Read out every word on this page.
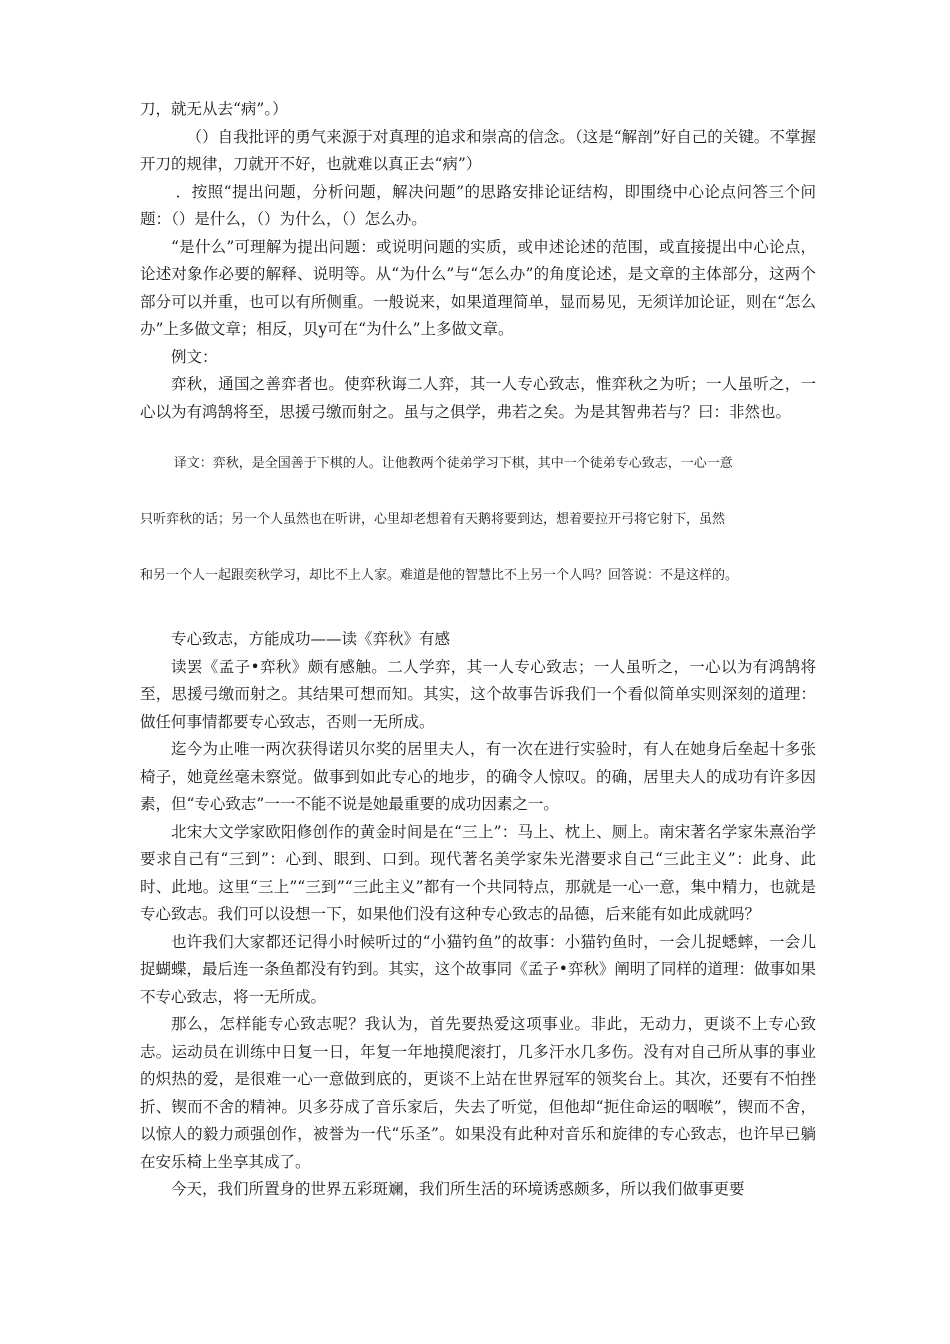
刀，就无从去“病”。）

（）自我批评的勇气来源于对真理的追求和崇高的信念。（这是“解剖”好自己的关键。不掌握开刀的规律，刀就开不好，也就难以真正去“病”）

．按照“提出问题，分析问题，解决问题”的思路安排论证结构，即围绕中心论点问答三个问题：（）是什么，（）为什么，（）怎么办。

“是什么”可理解为提出问题：或说明问题的实质，或申述论述的范围，或直接提出中心论点，论述对象作必要的解释、说明等。从“为什么”与“怎么办”的角度论述，是文章的主体部分，这两个部分可以并重，也可以有所侧重。一般说来，如果道理简单，显而易见，无须详加论证，则在“怎么办”上多做文章；相反，贝y可在“为什么”上多做文章。

例文：

弈秋，通国之善弈者也。使弈秋诲二人弈，其一人专心致志，惟弈秋之为听；一人虽听之，一心以为有鸿鹄将至，思援弓缴而射之。虽与之俱学，弗若之矣。为是其智弗若与？曰：非然也。

译文：弈秋，是全国善于下棋的人。让他教两个徒弟学习下棋，其中一个徒弟专心致志，一心一意
只听弈秋的话；另一个人虽然也在听讲，心里却老想着有天鹅将要到达，想着要拉开弓将它射下，虽然
和另一个人一起跟奕秋学习，却比不上人家。难道是他的智慧比不上另一个人吗？回答说：不是这样的。

专心致志，方能成功——读《弈秋》有感

读罢《孟子•弈秋》颇有感触。二人学弈，其一人专心致志；一人虽听之，一心以为有鸿鹄将至，思援弓缴而射之。其结果可想而知。其实，这个故事告诉我们一个看似简单实则深刻的道理：做任何事情都要专心致志，否则一无所成。

迄今为止唯一两次获得诺贝尔奖的居里夫人，有一次在进行实验时，有人在她身后垒起十多张椅子，她竟丝毫未察觉。做事到如此专心的地步，的确令人惊叹。的确，居里夫人的成功有许多因素，但“专心致志”一一不能不说是她最重要的成功因素之一。

北宋大文学家欧阳修创作的黄金时间是在“三上”：马上、枕上、厕上。南宋著名学家朱熹治学要求自己有“三到”：心到、眼到、口到。现代著名美学家朱光潜要求自己“三此主义”：此身、此时、此地。这里“三上”“三到”“三此主义”都有一个共同特点，那就是一心一意，集中精力，也就是专心致志。我们可以设想一下，如果他们没有这种专心致志的品德，后来能有如此成就吗？

也许我们大家都还记得小时候听过的“小猫钓鱼”的故事：小猫钓鱼时，一会儿捉蟋蟀，一会儿捉蝴蝶，最后连一条鱼都没有钓到。其实，这个故事同《孟子•弈秋》阐明了同样的道理：做事如果不专心致志，将一无所成。

那么，怎样能专心致志呢？我认为，首先要热爱这项事业。非此，无动力，更谈不上专心致志。运动员在训练中日复一日，年复一年地摸爬滚打，几多汗水几多伤。没有对自己所从事的事业的炽热的爱，是很难一心一意做到底的，更谈不上站在世界冠军的领奖台上。其次，还要有不怕挫折、锲而不舍的精神。贝多芬成了音乐家后，失去了听觉，但他却“扼住命运的咽喉”，锲而不舍，以惊人的毅力顽强创作，被誉为一代“乐圣”。如果没有此种对音乐和旋律的专心致志，也许早已躺在安乐椅上坐享其成了。

今天，我们所置身的世界五彩斑斓，我们所生活的环境诱惑颇多，所以我们做事更要
